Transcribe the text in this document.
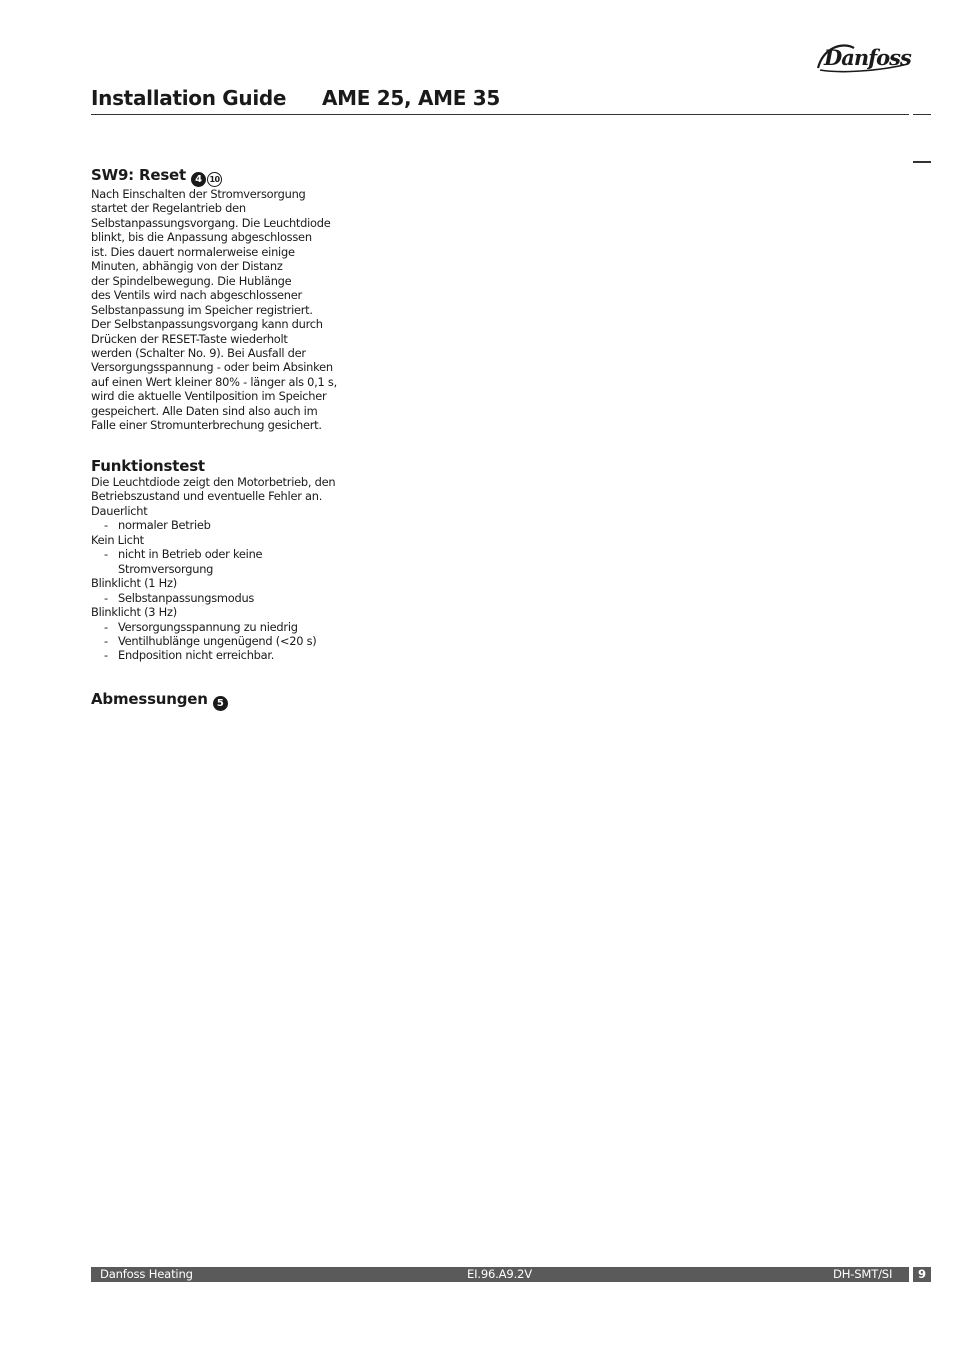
Danfoss
Installation Guide AME 25, AME 35
SW9: Reset 4 10
Nach Einschalten der Stromversorgung
startet der Regelantrieb den
Selbstanpassungsvorgang. Die Leuchtdiode
blinkt, bis die Anpassung abgeschlossen
ist. Dies dauert normalerweise einige
Minuten, abhängig von der Distanz
der Spindelbewegung. Die Hublänge
des Ventils wird nach abgeschlossener
Selbstanpassung im Speicher registriert.
Der Selbstanpassungsvorgang kann durch
Drücken der RESET-Taste wiederholt
werden (Schalter No. 9). Bei Ausfall der
Versorgungsspannung - oder beim Absinken
auf einen Wert kleiner 80% - länger als 0,1 s,
wird die aktuelle Ventilposition im Speicher
gespeichert. Alle Daten sind also auch im
Falle einer Stromunterbrechung gesichert.
Funktionstest
Die Leuchtdiode zeigt den Motorbetrieb, den
Betriebszustand und eventuelle Fehler an.
Dauerlicht
- normaler Betrieb
Kein Licht
- nicht in Betrieb oder keine
Stromversorgung
Blinklicht (1 Hz)
- Selbstanpassungsmodus
Blinklicht (3 Hz)
- Versorgungsspannung zu niedrig
- Ventilhublänge ungenügend (<20 s)
- Endposition nicht erreichbar.
Abmessungen 5
Danfoss Heating	EI.96.A9.2V	DH-SMT/SI	9
